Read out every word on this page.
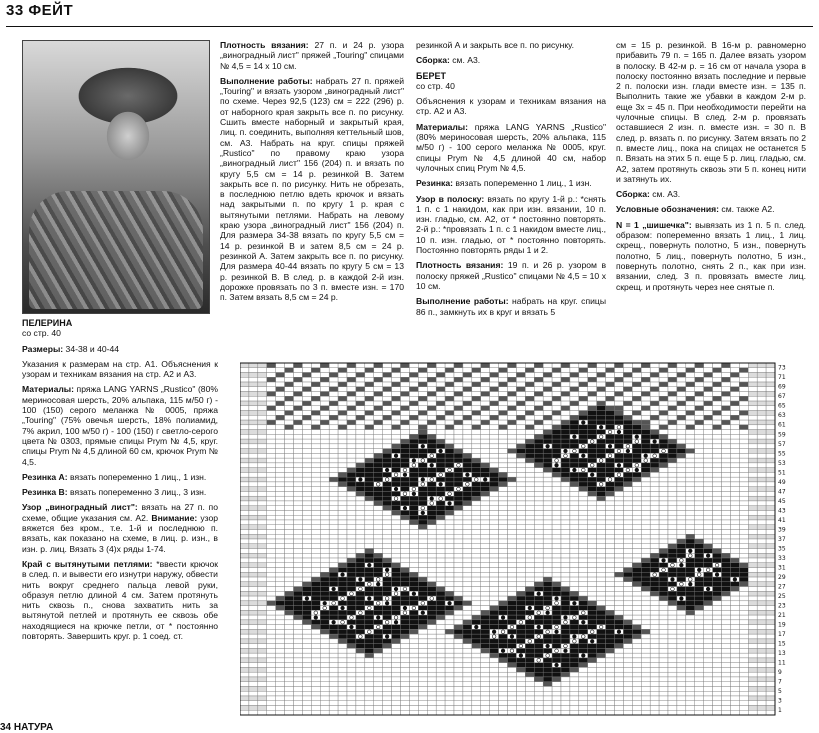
33 ФЕЙТ

ПЕЛЕРИНА

со стр. 40

Размеры: 34-38 и 40-44

Указания к размерам на стр. A1. Объяснения к узорам и техникам вязания на стр. A2 и A3.

Материалы: пряжа LANG YARNS „Rustico" (80% мериносовая шерсть, 20% альпака, 115 м/50 г) - 100 (150) серого меланжа № 0005, пряжа „Touring" (75% овечья шерсть, 18% полиамид, 7% акрил, 100 м/50 г) - 100 (150) г светло-серого цвета № 0303, прямые спицы Prym № 4,5, круг. спицы Prym № 4,5 длиной 60 см, крючок Prym № 4,5.

Резинка А: вязать попеременно 1 лиц., 1 изн.

Резинка В: вязать попеременно 3 лиц., 3 изн.

Узор „виноградный лист": вязать на 27 п. по схеме, общие указания см. A2. Внимание: узор вяжется без кром., т.е. 1-й и последнюю п. вязать, как показано на схеме, в лиц. р. изн., в изн. р. лиц. Вязать 3 (4)х ряды 1-74.

Край с вытянутыми петлями: *ввести крючок в след. п. и вывести его изнутри наружу, обвести нить вокруг среднего пальца левой руки, образуя петлю длиной 4 см. Затем протянуть нить сквозь п., снова захватить нить за вытянутой петлей и протянуть ее сквозь обе находящиеся на крючке петли, от * постоянно повторять. Завершить круг. р. 1 соед. ст.

Плотность вязания: 27 п. и 24 р. узора „виноградный лист" пряжей „Touring" спицами № 4,5 = 14 х 10 см.

Выполнение работы: набрать 27 п. пряжей „Touring" и вязать узором „виноградный лист" по схеме. Через 92,5 (123) см = 222 (296) р. от наборного края закрыть все п. по рисунку. Сшить вместе наборный и закрытый края, лиц. п. соединить, выполняя кеттельный шов, см. A3. Набрать на круг. спицы пряжей „Rustico" по правому краю узора „виноградный лист" 156 (204) п. и вязать по кругу 5,5 см = 14 р. резинкой В. Затем закрыть все п. по рисунку. Нить не обрезать, в последнюю петлю вдеть крючок и вязать над закрытыми п. по кругу 1 р. края с вытянутыми петлями. Набрать на левому краю узора „виноградный лист" 156 (204) п. Для размера 34-38 вязать по кругу 5,5 см = 14 р. резинкой В и затем 8,5 см = 24 р. резинкой А. Затем закрыть все п. по рисунку. Для размера 40-44 вязать по кругу 5 см = 13 р. резинкой В. В след. р. в каждой 2-й изн. дорожке провязать по 3 п. вместе изн. = 170 п. Затем вязать 8,5 см = 24 р.

резинкой А и закрыть все п. по рисунку.

Сборка: см. A3.

БЕРЕТ

со стр. 40

Объяснения к узорам и техникам вязания на стр. A2 и A3.

Материалы: пряжа LANG YARNS „Rustico" (80% мериносовая шерсть, 20% альпака, 115 м/50 г) - 100 серого меланжа № 0005, круг. спицы Prym № 4,5 длиной 40 см, набор чулочных спиц Prym № 4,5.

Резинка: вязать попеременно 1 лиц., 1 изн.

Узор в полоску: вязать по кругу 1-й р.: *снять 1 п. с 1 накидом, как при изн. вязании, 10 п. изн. гладью, см. A2, от * постоянно повторять. 2-й р.: *провязать 1 п. с 1 накидом вместе лиц., 10 п. изн. гладью, от * постоянно повторять. Постоянно повторять ряды 1 и 2.

Плотность вязания: 19 п. и 26 р. узором в полоску пряжей „Rustico" спицами № 4,5 = 10 х 10 см.

Выполнение работы: набрать на круг. спицы 86 п., замкнуть их в круг и вязать 5

см = 15 р. резинкой. В 16-м р. равномерно прибавить 79 п. = 165 п. Далее вязать узором в полоску. В 42-м р. = 16 см от начала узора в полоску постоянно вязать последние и первые 2 п. полоски изн. глади вместе изн. = 135 п. Выполнить такие же убавки в каждом 2-м р. еще 3х = 45 п. При необходимости перейти на чулочные спицы. В след. 2-м р. провязать оставшиеся 2 изн. п. вместе изн. = 30 п. В след. р. вязать п. по рисунку. Затем вязать по 2 п. вместе лиц., пока на спицах не останется 5 п. Вязать на этих 5 п. еще 5 р. лиц. гладью, см. A2, затем протянуть сквозь эти 5 п. конец нити и затянуть их.

Сборка: см. A3.

Условные обозначения: см. также A2.

N = 1 „шишечка": вывязать из 1 п. 5 п. след. образом: попеременно вязать 1 лиц., 1 лиц. скрещ., повернуть полотно, 5 изн., повернуть полотно, 5 лиц., повернуть полотно, 5 изн., повернуть полотно, снять 2 п., как при изн. вязании, след. 3 п. провязать вместе лиц. скрещ. и протянуть через нее снятые п.

73
71
69
67
65
63
61
59
57
55
53
51
49
47
45
43
41
39
37
35
33
31
29
27
25
23
21
19
17
15
13
11
9
7
5
3
1
34 НАТУРА
